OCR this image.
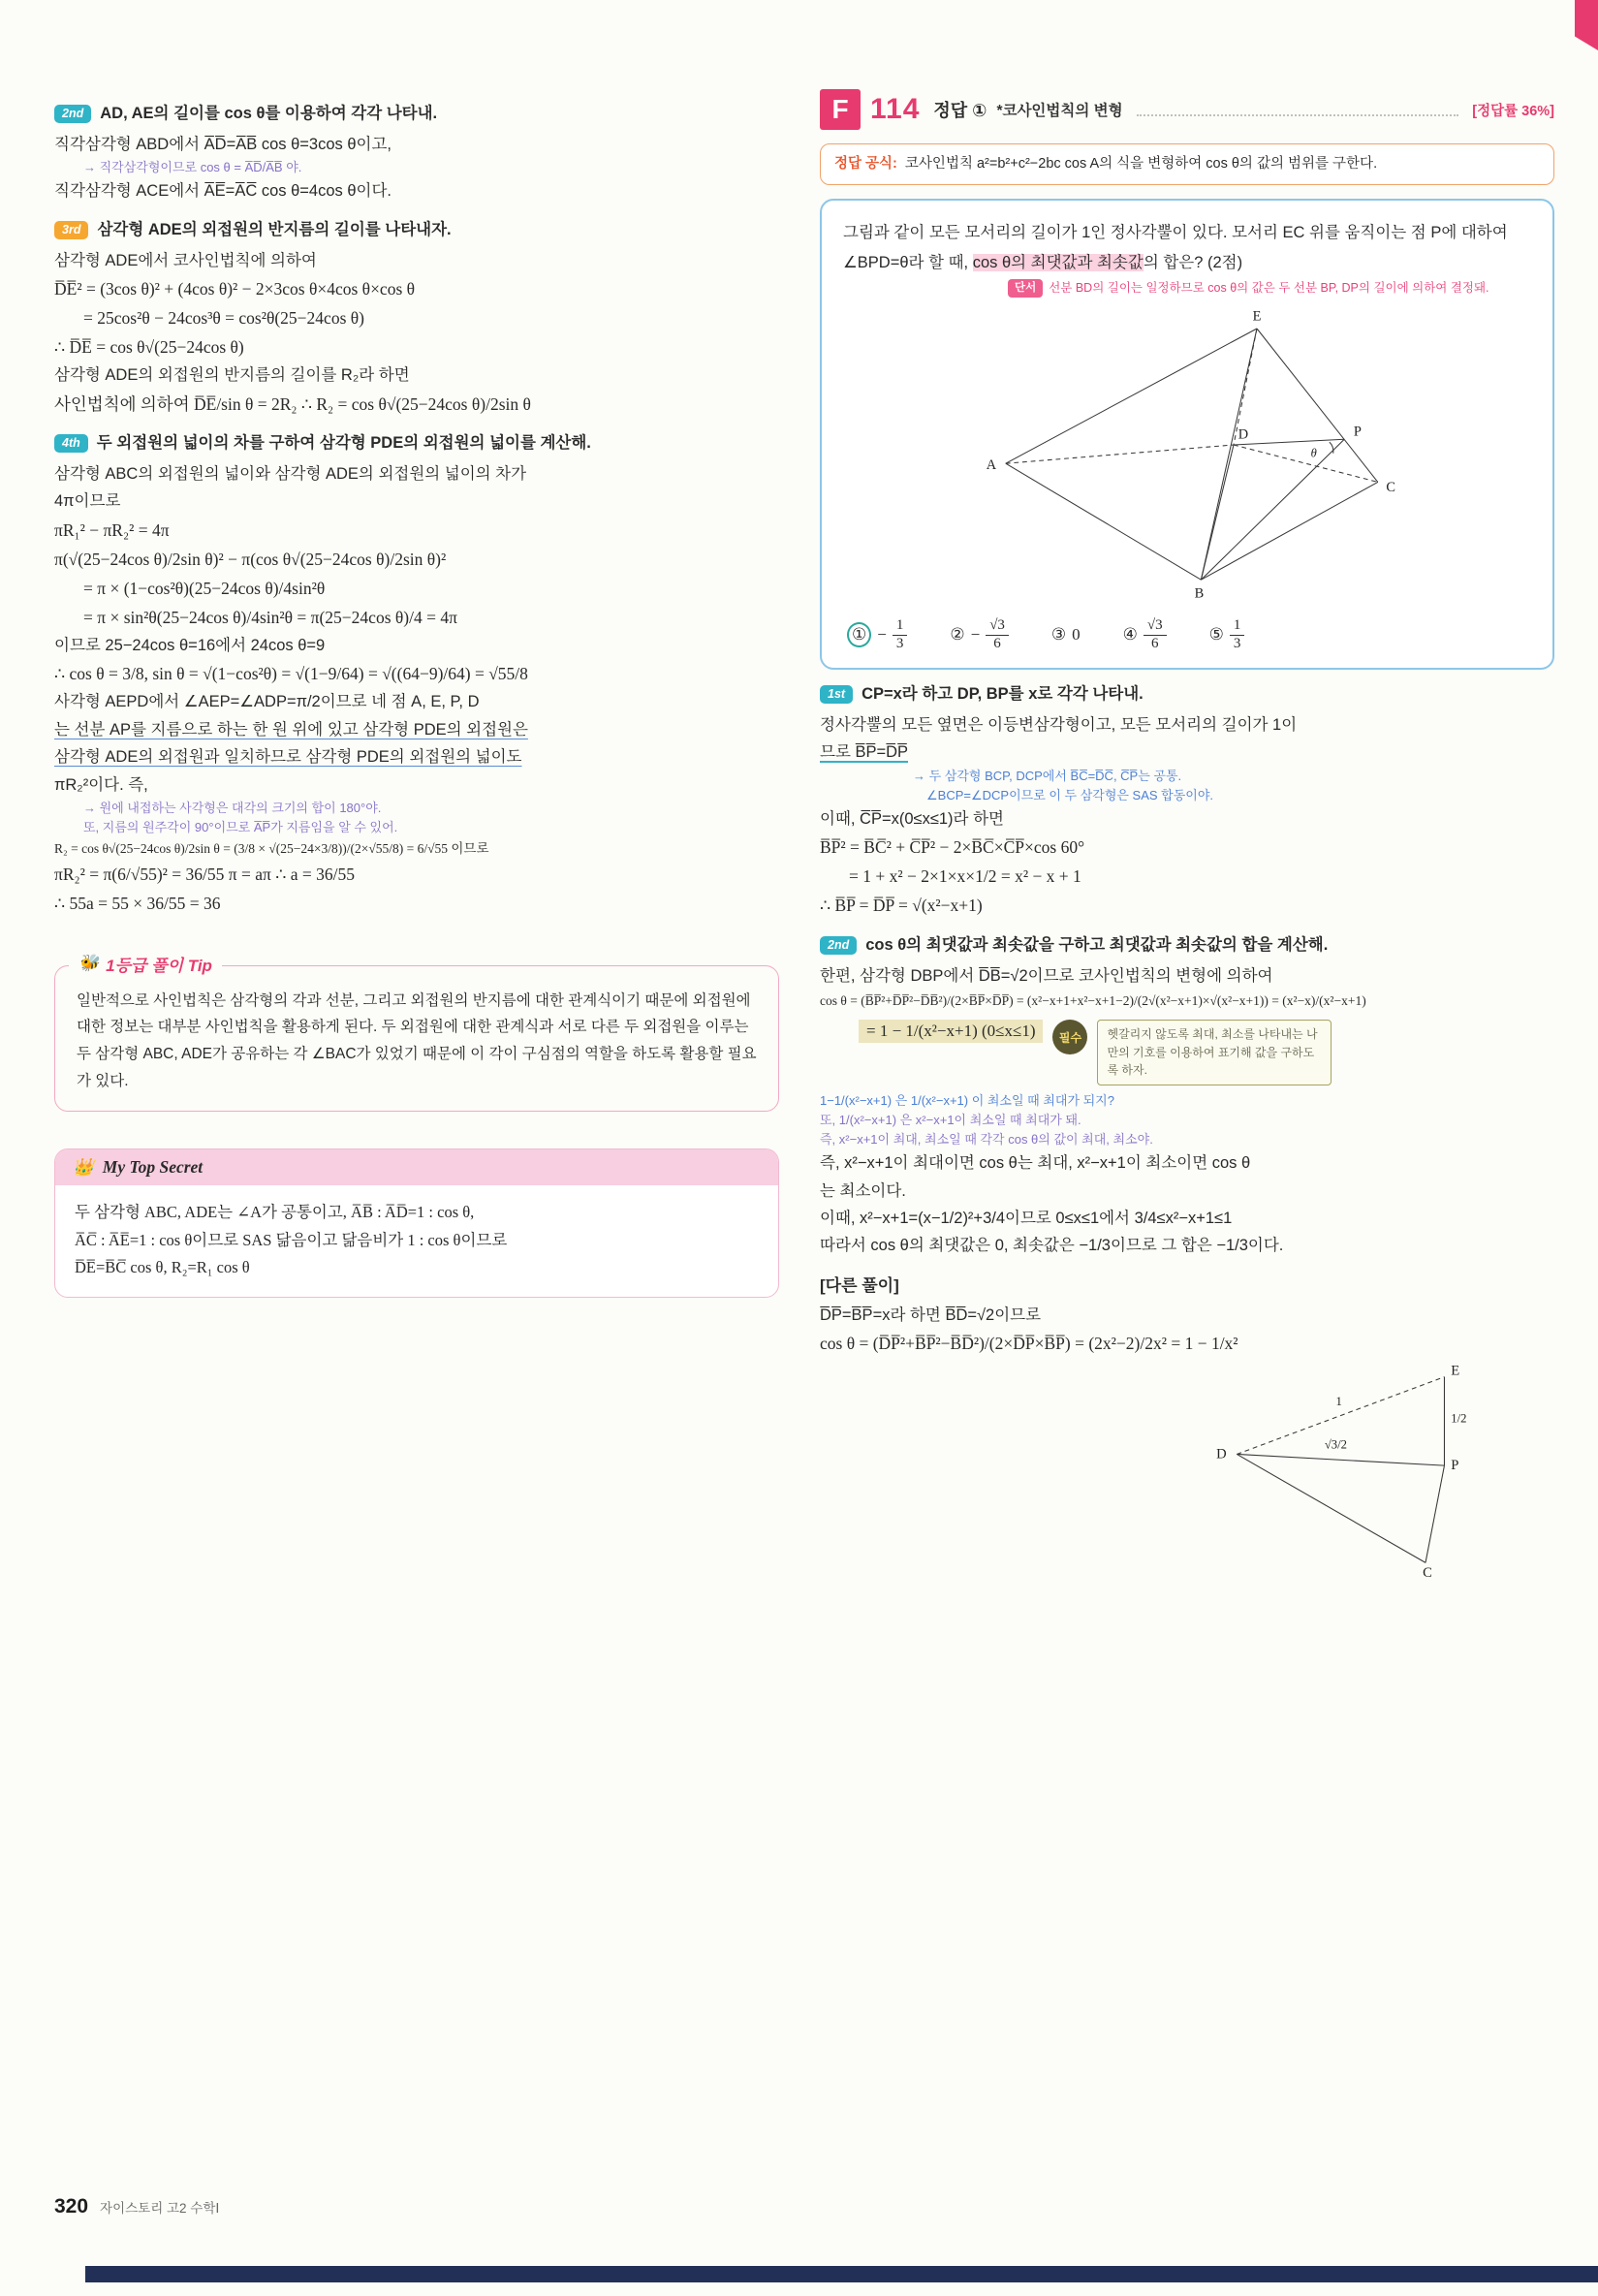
2nd	AD, AE의 길이를 cos θ를 이용하여 각각 나타내.
직각삼각형 ABD에서 A̅D̅=A̅B̅ cos θ=3cos θ이고,
→ 직각삼각형이므로 cos θ = A̅D̅/A̅B̅ 야.
직각삼각형 ACE에서 A̅E̅=A̅C̅ cos θ=4cos θ이다.
3rd	삼각형 ADE의 외접원의 반지름의 길이를 나타내자.
삼각형 ADE에서 코사인법칙에 의하여
D̅E̅² = (3cos θ)² + (4cos θ)² − 2×3cos θ×4cos θ×cos θ
= 25cos²θ − 24cos³θ = cos²θ(25−24cos θ)
∴ D̅E̅ = cos θ√(25−24cos θ)
삼각형 ADE의 외접원의 반지름의 길이를 R₂라 하면
사인법칙에 의하여 D̅E̅/sin θ = 2R₂ ∴ R₂ = cos θ√(25−24cos θ)/2sin θ
4th	두 외접원의 넓이의 차를 구하여 삼각형 PDE의 외접원의 넓이를 계산해.
삼각형 ABC의 외접원의 넓이와 삼각형 ADE의 외접원의 넓이의 차가
4π이므로
πR₁² − πR₂² = 4π
π(√(25−24cos θ)/2sin θ)² − π(cos θ√(25−24cos θ)/2sin θ)²
= π × (1−cos²θ)(25−24cos θ)/4sin²θ
= π × sin²θ(25−24cos θ)/4sin²θ = π(25−24cos θ)/4 = 4π
이므로 25−24cos θ=16에서 24cos θ=9
∴ cos θ = 3/8, sin θ = √(1−cos²θ) = √(1−9/64) = √((64−9)/64) = √55/8
사각형 AEPD에서 ∠AEP=∠ADP=π/2이므로 네 점 A, E, P, D
는 선분 AP를 지름으로 하는 한 원 위에 있고 삼각형 PDE의 외접원은
삼각형 ADE의 외접원과 일치하므로 삼각형 PDE의 외접원의 넓이도
πR₂²이다. 즉,
→ 원에 내접하는 사각형은 대각의 크기의 합이 180°야.
또, 지름의 원주각이 90°이므로 A̅P̅가 지름임을 알 수 있어.
R₂ = cos θ√(25−24cos θ)/2sin θ = (3/8 × √(25−24×3/8))/(2×√55/8) = 6/√55 이므로
πR₂² = π(6/√55)² = 36/55 π = aπ ∴ a = 36/55
∴ 55a = 55 × 36/55 = 36
🐝 1등급 풀이 Tip

일반적으로 사인법칙은 삼각형의 각과 선분, 그리고 외접원의 반지름에 대한 관계식이기 때문에 외접원에 대한 정보는 대부분 사인법칙을 활용하게 된다. 두 외접원에 대한 관계식과 서로 다른 두 외접원을 이루는 두 삼각형 ABC, ADE가 공유하는 각 ∠BAC가 있었기 때문에 이 각이 구심점의 역할을 하도록 활용할 필요가 있다.

👑 My Top Secret
두 삼각형 ABC, ADE는 ∠A가 공통이고, A̅B̅ : A̅D̅=1 : cos θ,
A̅C̅ : A̅E̅=1 : cos θ이므로 SAS 닮음이고 닮음비가 1 : cos θ이므로
D̅E̅=B̅C̅ cos θ, R₂=R₁ cos θ
F 114 정답 ① *코사인법칙의 변형	[정답률 36%]
정답 공식: 코사인법칙 a²=b²+c²−2bc cos A의 식을 변형하여 cos θ의 값의 범위를 구한다.

그림과 같이 모든 모서리의 길이가 1인 정사각뿔이 있다. 모서리 EC 위를 움직이는 점 P에 대하여 ∠BPD=θ라 할 때, cos θ의 최댓값과 최솟값의 합은? (2점)

단서	선분 BD의 길이는 일정하므로 cos θ의 값은 두 선분 BP, DP의 길이에 의하여 결정돼.
E
A
D	P
C
B
θ
① − $\frac{1}{3}$	② − $\frac{√3}{6}$	③ 0	④ $\frac{√3}{6}$	⑤ $\frac{1}{3}$
1st	CP=x라 하고 DP, BP를 x로 각각 나타내.
정사각뿔의 모든 옆면은 이등변삼각형이고, 모든 모서리의 길이가 1이
므로 B̅P̅=D̅P̅
→ 두 삼각형 BCP, DCP에서 B̅C̅=D̅C̅, C̅P̅는 공통.
∠BCP=∠DCP이므로 이 두 삼각형은 SAS 합동이야.
이때, C̅P̅=x(0≤x≤1)라 하면
B̅P̅² = B̅C̅² + C̅P̅² − 2×B̅C̅×C̅P̅×cos 60°
= 1 + x² − 2×1×x×1/2 = x² − x + 1
∴ B̅P̅ = D̅P̅ = √(x²−x+1)
2nd	cos θ의 최댓값과 최솟값을 구하고 최댓값과 최솟값의 합을 계산해.
한편, 삼각형 DBP에서 D̅B̅=√2이므로 코사인법칙의 변형에 의하여
cos θ = (B̅P̅²+D̅P̅²−D̅B̅²)/(2×B̅P̅×D̅P̅) = (x²−x+1+x²−x+1−2)/(2√(x²−x+1)×√(x²−x+1)) = (x²−x)/(x²−x+1)
= 1 − 1/(x²−x+1) (0≤x≤1)	필수	헷갈리지 않도록 최대, 최소를 나타내는 나만의 기호를 이용하여 표기해 값을 구하도록 하자.
1−1/(x²−x+1) 은 1/(x²−x+1) 이 최소일 때 최대가 되지?
또, 1/(x²−x+1) 은 x²−x+1이 최소일 때 최대가 돼.
즉, x²−x+1이 최대, 최소일 때 각각 cos θ의 값이 최대, 최소야.
즉, x²−x+1이 최대이면 cos θ는 최대, x²−x+1이 최소이면 cos θ
는 최소이다.
이때, x²−x+1=(x−1/2)²+3/4이므로 0≤x≤1에서 3/4≤x²−x+1≤1
따라서 cos θ의 최댓값은 0, 최솟값은 −1/3이므로 그 합은 −1/3이다.
[다른 풀이]
D̅P̅=B̅P̅=x라 하면 B̅D̅=√2이므로
cos θ = (D̅P̅²+B̅P̅²−B̅D̅²)/(2×D̅P̅×B̅P̅) = (2x²−2)/2x² = 1 − 1/x²
E
D
P
C
1
√3/2
1/2
320 자이스토리 고2 수학Ⅰ
